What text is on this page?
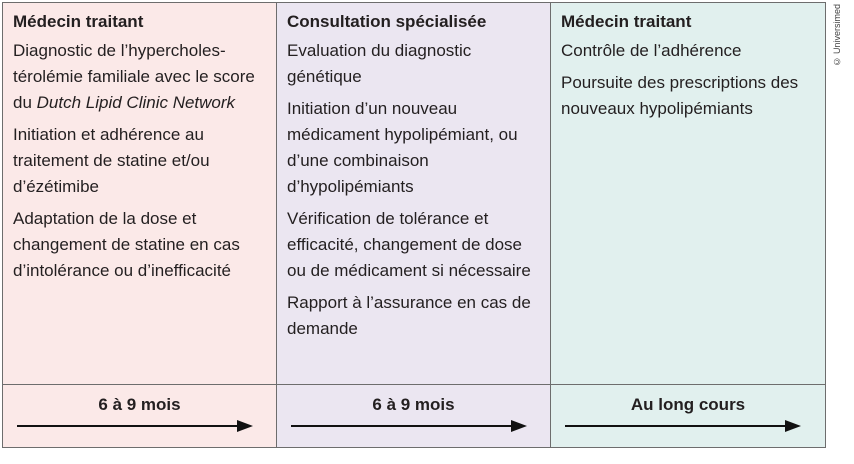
Médecin traitant
Diagnostic de l’hypercholes-térolémie familiale avec le score du Dutch Lipid Clinic Network
Initiation et adhérence au traitement de statine et/ou d’ézétimibe
Adaptation de la dose et changement de statine en cas d’intolérance ou d’inefficacité
Consultation spécialisée
Evaluation du diagnostic génétique
Initiation d’un nouveau médicament hypolipémiant, ou d’une combinaison d’hypolipémiants
Vérification de tolérance et efficacité, changement de dose ou de médicament si nécessaire
Rapport à l’assurance en cas de demande
Médecin traitant
Contrôle de l’adhérence
Poursuite des prescriptions des nouveaux hypolipémiants
6 à 9 mois	6 à 9 mois	Au long cours
© Universimed
